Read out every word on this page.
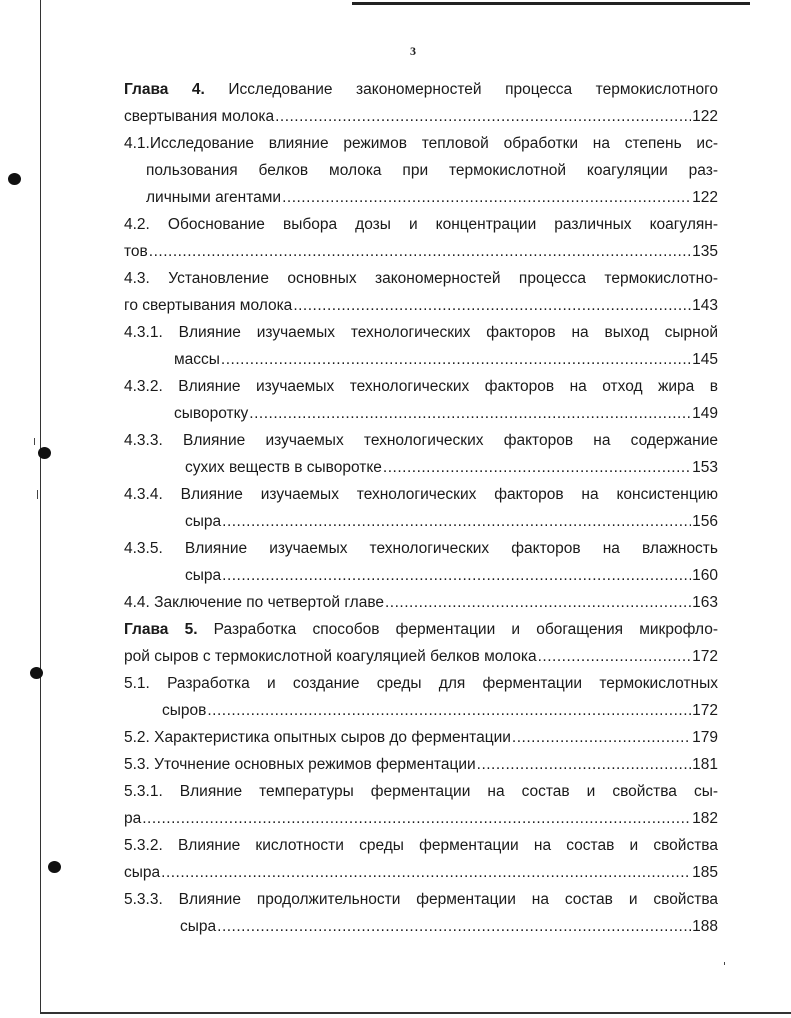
3
Глава 4. Исследование закономерностей процесса термокислотного
свертывания молока .....	122
4.1.Исследование влияние режимов тепловой обработки на степень ис-
пользования белков молока при термокислотной коагуляции раз-
личными агентами .....	122
4.2. Обоснование выбора дозы и концентрации различных коагулян-
тов .....	135
4.3. Установление основных закономерностей процесса термокислотно-
го свертывания молока .....	143
4.3.1. Влияние изучаемых технологических факторов на выход сырной
массы .....	145
4.3.2. Влияние изучаемых технологических факторов на отход жира в
сыворотку .....	149
4.3.3. Влияние изучаемых технологических факторов на содержание
сухих веществ в сыворотке .....	153
4.3.4. Влияние изучаемых технологических факторов на консистенцию
сыра .....	156
4.3.5. Влияние изучаемых технологических факторов на влажность
сыра .....	160
4.4. Заключение по четвертой главе .....	163
Глава 5. Разработка способов ферментации и обогащения микрофло-
рой сыров с термокислотной коагуляцией белков молока .....	172
5.1. Разработка и создание среды для ферментации термокислотных
сыров .....	172
5.2. Характеристика опытных сыров до ферментации .....	179
5.3. Уточнение основных режимов ферментации .....	181
5.3.1. Влияние температуры ферментации на состав и свойства сы-
ра .....	182
5.3.2. Влияние кислотности среды ферментации на состав и свойства
сыра .....	185
5.3.3. Влияние продолжительности ферментации на состав и свойства
сыра .....	188
